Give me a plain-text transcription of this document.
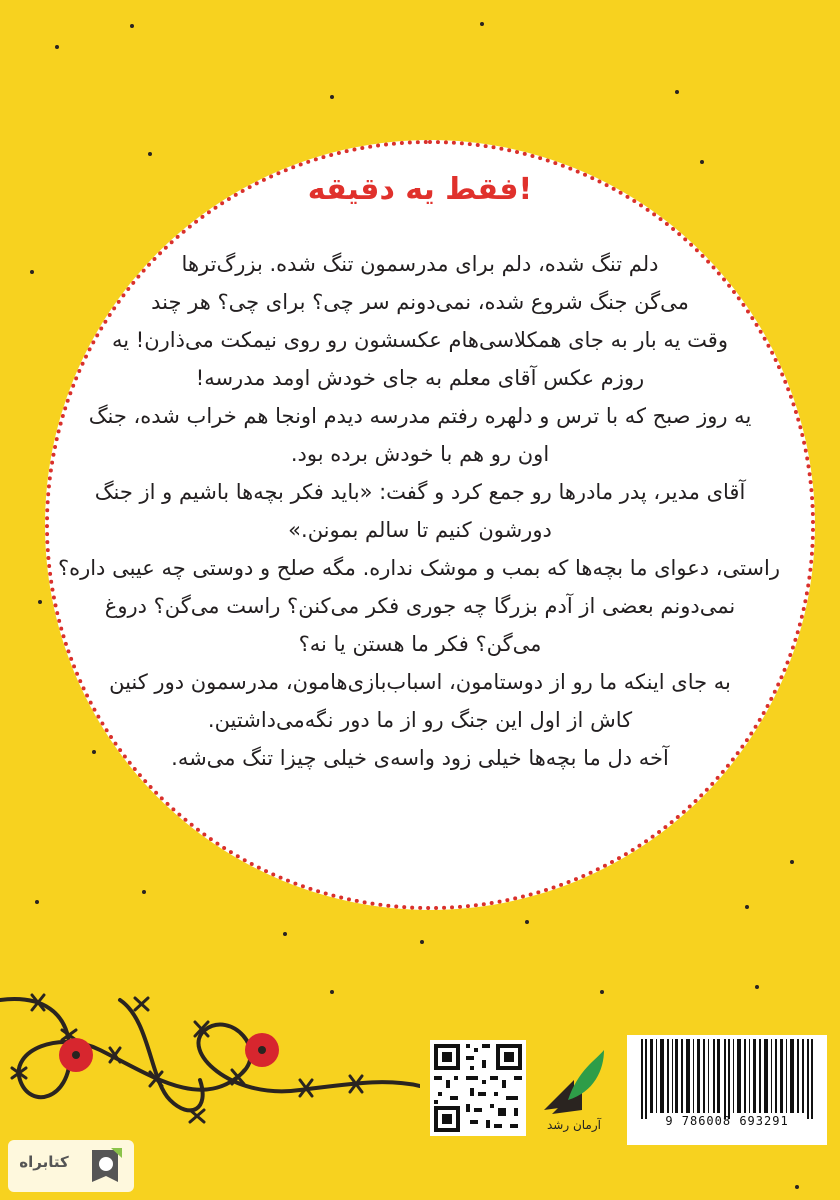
فقط یه دقیقه!

دلم تنگ شده، دلم برای مدرسمون تنگ شده. بزرگ‌ترها

می‌گن جنگ شروع شده، نمی‌دونم سر چی؟ برای چی؟ هر چند

وقت یه بار به جای همکلاسی‌هام عکسشون رو روی نیمکت می‌ذارن! یه

روزم عکس آقای معلم به جای خودش اومد مدرسه!

یه روز صبح که با ترس و دلهره رفتم مدرسه دیدم اونجا هم خراب شده، جنگ

اون رو هم با خودش برده بود.

آقای مدیر، پدر مادرها رو جمع کرد و گفت: «باید فکر بچه‌ها باشیم و از جنگ

دورشون کنیم تا سالم بمونن.»

راستی، دعوای ما بچه‌ها که بمب و موشک نداره. مگه صلح و دوستی چه عیبی داره؟

نمی‌دونم بعضی از آدم بزرگا چه جوری فکر می‌کنن؟ راست می‌گن؟ دروغ

می‌گن؟ فکر ما هستن یا نه؟

به جای اینکه ما رو از دوستامون، اسباب‌بازی‌هامون، مدرسمون دور کنین

کاش از اول این جنگ رو از ما دور نگه‌می‌داشتین.

آخه دل ما بچه‌ها خیلی زود واسه‌ی خیلی چیزا تنگ می‌شه.

آرمان رشد	9 786008 693291
کتابراه
